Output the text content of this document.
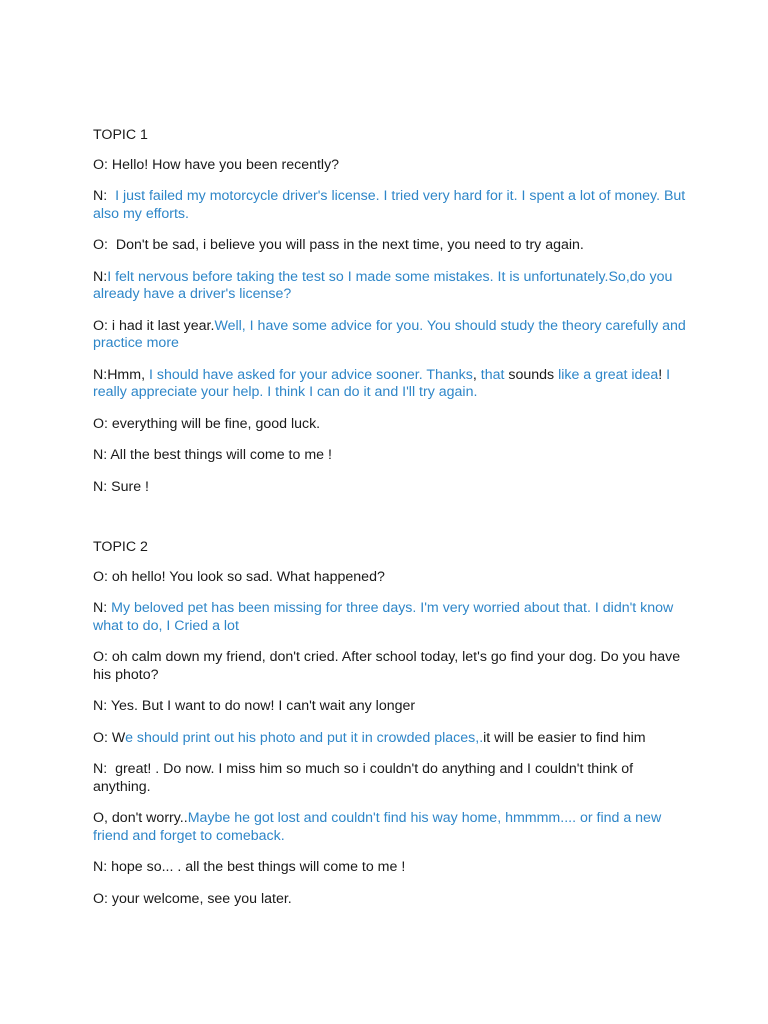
TOPIC 1

O: Hello! How have you been recently?

N:  I just failed my motorcycle driver's license. I tried very hard for it. I spent a lot of money. But also my efforts.

O:  Don't be sad, i believe you will pass in the next time, you need to try again.

N:I felt nervous before taking the test so I made some mistakes. It is unfortunately.So,do you already have a driver's license?

O: i had it last year.Well, I have some advice for you. You should study the theory carefully and practice more

N:Hmm, I should have asked for your advice sooner. Thanks, that sounds like a great idea! I really appreciate your help. I think I can do it and I'll try again.

O: everything will be fine, good luck.

N: All the best things will come to me !

N: Sure !

TOPIC 2

O: oh hello! You look so sad. What happened?

N: My beloved pet has been missing for three days. I'm very worried about that. I didn't know what to do, I Cried a lot

O: oh calm down my friend, don't cried. After school today, let's go find your dog. Do you have his photo?

N: Yes. But I want to do now! I can't wait any longer

O: We should print out his photo and put it in crowded places,.it will be easier to find him

N:  great! . Do now. I miss him so much so i couldn't do anything and I couldn't think of anything.

O, don't worry..Maybe he got lost and couldn't find his way home, hmmmm.... or find a new friend and forget to comeback.

N: hope so... . all the best things will come to me !

O: your welcome, see you later.
